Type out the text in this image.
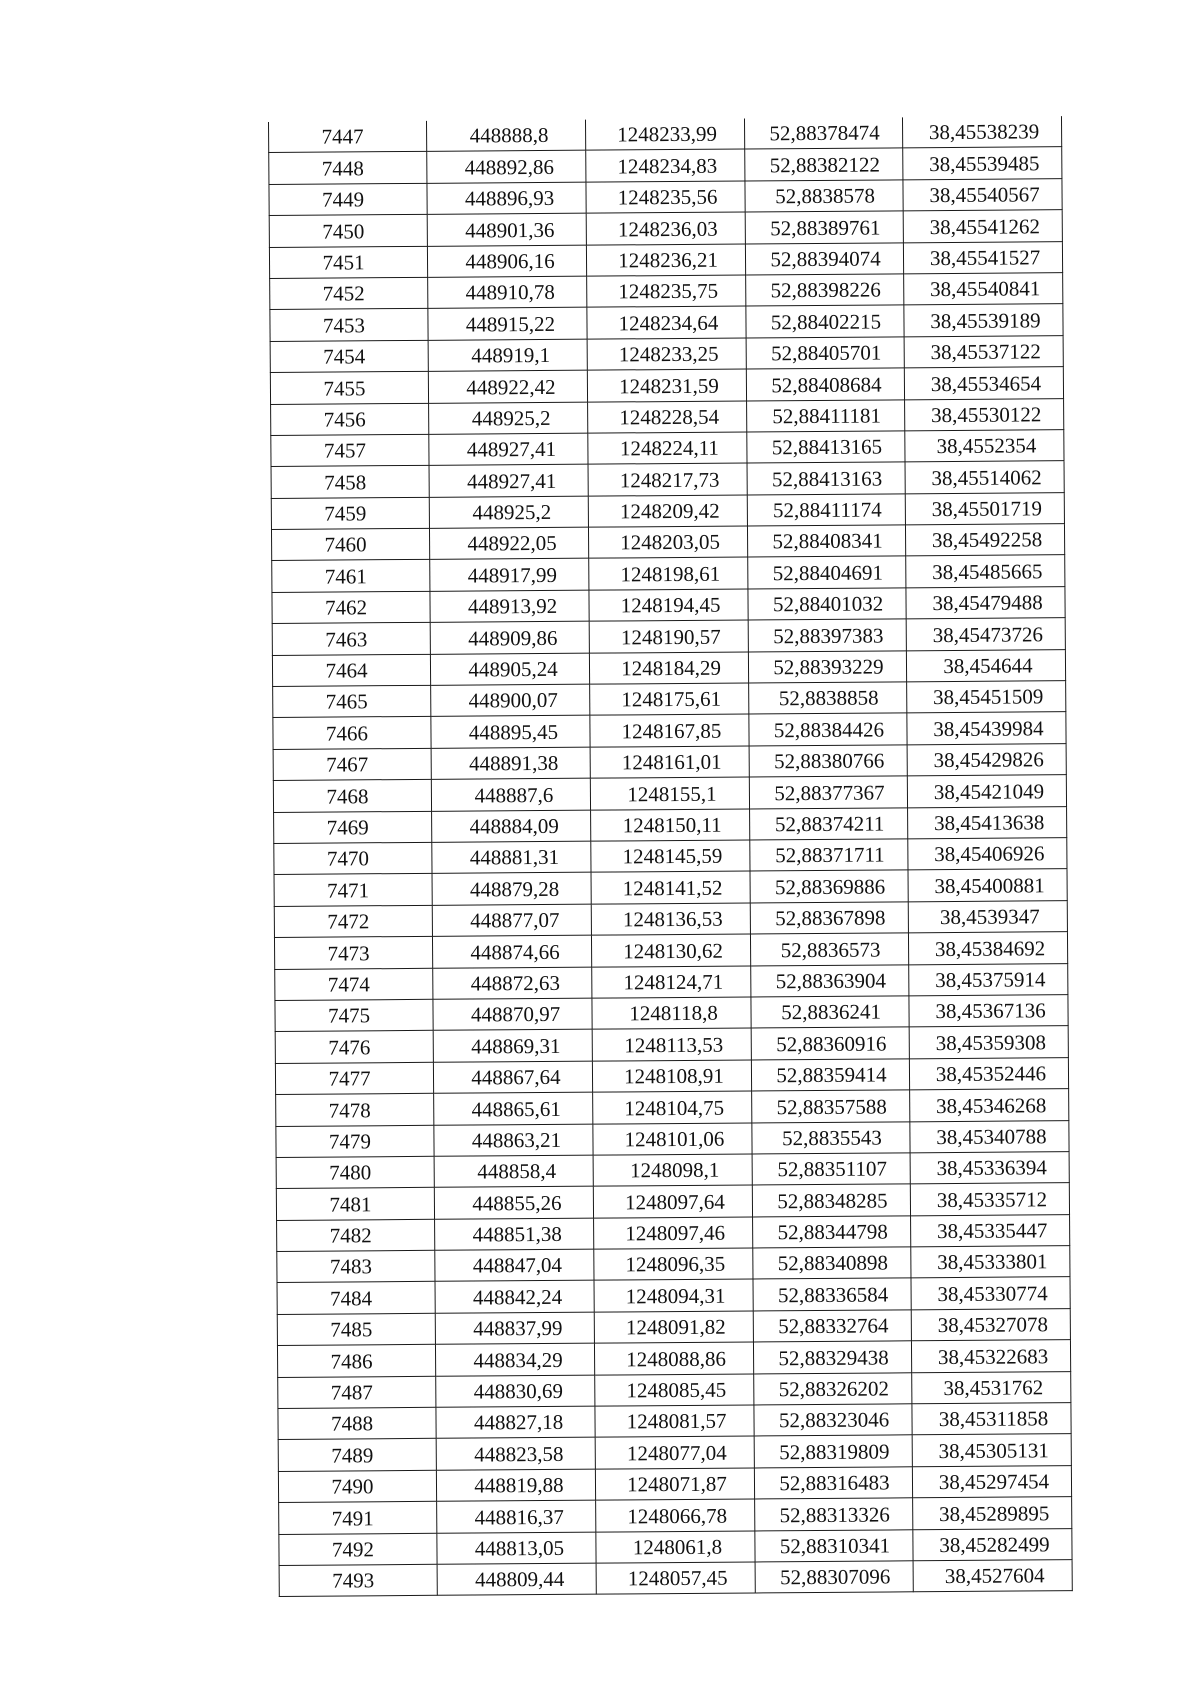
7447	448888,8	1248233,99	52,88378474	38,45538239
7448	448892,86	1248234,83	52,88382122	38,45539485
7449	448896,93	1248235,56	52,8838578	38,45540567
7450	448901,36	1248236,03	52,88389761	38,45541262
7451	448906,16	1248236,21	52,88394074	38,45541527
7452	448910,78	1248235,75	52,88398226	38,45540841
7453	448915,22	1248234,64	52,88402215	38,45539189
7454	448919,1	1248233,25	52,88405701	38,45537122
7455	448922,42	1248231,59	52,88408684	38,45534654
7456	448925,2	1248228,54	52,88411181	38,45530122
7457	448927,41	1248224,11	52,88413165	38,4552354
7458	448927,41	1248217,73	52,88413163	38,45514062
7459	448925,2	1248209,42	52,88411174	38,45501719
7460	448922,05	1248203,05	52,88408341	38,45492258
7461	448917,99	1248198,61	52,88404691	38,45485665
7462	448913,92	1248194,45	52,88401032	38,45479488
7463	448909,86	1248190,57	52,88397383	38,45473726
7464	448905,24	1248184,29	52,88393229	38,454644
7465	448900,07	1248175,61	52,8838858	38,45451509
7466	448895,45	1248167,85	52,88384426	38,45439984
7467	448891,38	1248161,01	52,88380766	38,45429826
7468	448887,6	1248155,1	52,88377367	38,45421049
7469	448884,09	1248150,11	52,88374211	38,45413638
7470	448881,31	1248145,59	52,88371711	38,45406926
7471	448879,28	1248141,52	52,88369886	38,45400881
7472	448877,07	1248136,53	52,88367898	38,4539347
7473	448874,66	1248130,62	52,8836573	38,45384692
7474	448872,63	1248124,71	52,88363904	38,45375914
7475	448870,97	1248118,8	52,8836241	38,45367136
7476	448869,31	1248113,53	52,88360916	38,45359308
7477	448867,64	1248108,91	52,88359414	38,45352446
7478	448865,61	1248104,75	52,88357588	38,45346268
7479	448863,21	1248101,06	52,8835543	38,45340788
7480	448858,4	1248098,1	52,88351107	38,45336394
7481	448855,26	1248097,64	52,88348285	38,45335712
7482	448851,38	1248097,46	52,88344798	38,45335447
7483	448847,04	1248096,35	52,88340898	38,45333801
7484	448842,24	1248094,31	52,88336584	38,45330774
7485	448837,99	1248091,82	52,88332764	38,45327078
7486	448834,29	1248088,86	52,88329438	38,45322683
7487	448830,69	1248085,45	52,88326202	38,4531762
7488	448827,18	1248081,57	52,88323046	38,45311858
7489	448823,58	1248077,04	52,88319809	38,45305131
7490	448819,88	1248071,87	52,88316483	38,45297454
7491	448816,37	1248066,78	52,88313326	38,45289895
7492	448813,05	1248061,8	52,88310341	38,45282499
7493	448809,44	1248057,45	52,88307096	38,4527604
